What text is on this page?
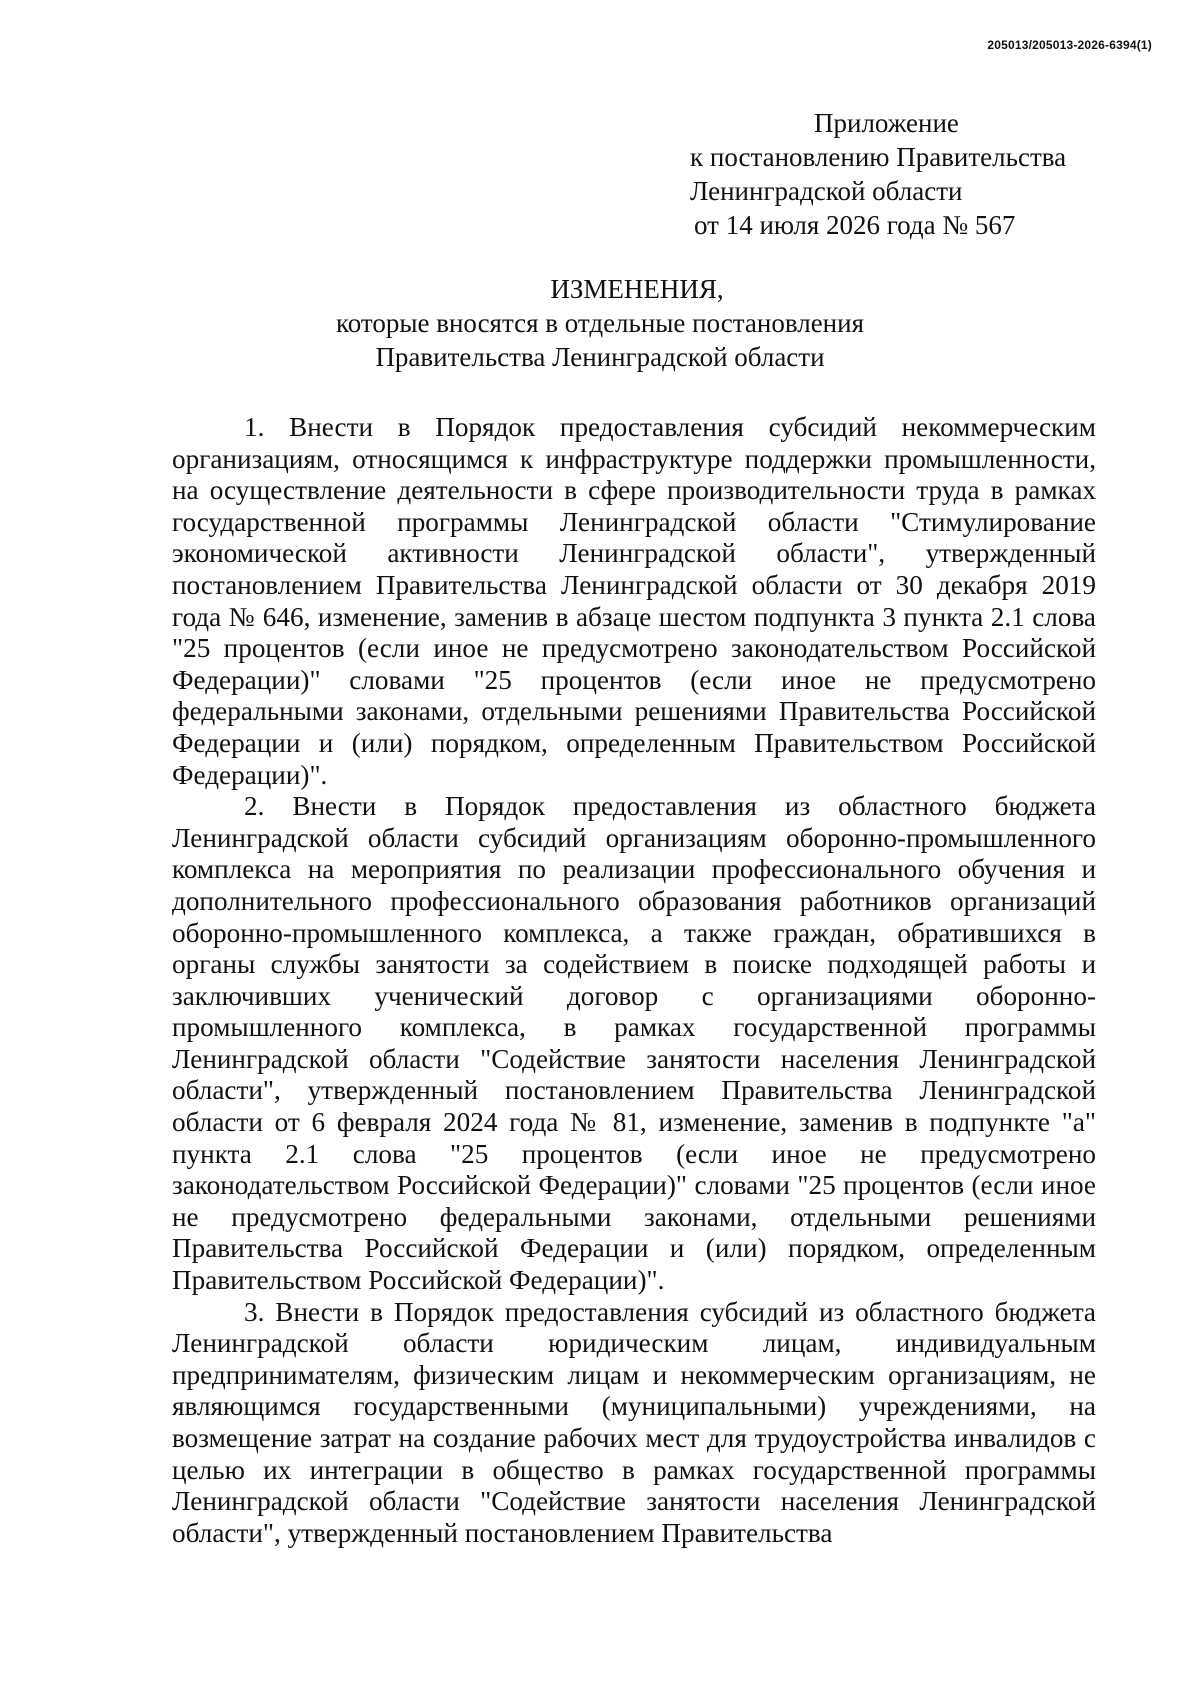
205013/205013-2026-6394(1)
Приложение
к постановлению Правительства
Ленинградской области
от 14 июля 2026 года № 567
ИЗМЕНЕНИЯ,
которые вносятся в отдельные постановления
Правительства Ленинградской области

1. Внести в Порядок предоставления субсидий некоммерческим организациям, относящимся к инфраструктуре поддержки промышленности, на осуществление деятельности в сфере производительности труда в рамках государственной программы Ленинградской области "Стимулирование экономической активности Ленинградской области", утвержденный постановлением Правительства Ленинградской области от 30 декабря 2019 года № 646, изменение, заменив в абзаце шестом подпункта 3 пункта 2.1 слова "25 процентов (если иное не предусмотрено законодательством Российской Федерации)" словами "25 процентов (если иное не предусмотрено федеральными законами, отдельными решениями Правительства Российской Федерации и (или) порядком, определенным Правительством Российской Федерации)".

2. Внести в Порядок предоставления из областного бюджета Ленинградской области субсидий организациям оборонно-промышленного комплекса на мероприятия по реализации профессионального обучения и дополнительного профессионального образования работников организаций оборонно-промышленного комплекса, а также граждан, обратившихся в органы службы занятости за содействием в поиске подходящей работы и заключивших ученический договор с организациями оборонно-промышленного комплекса, в рамках государственной программы Ленинградской области "Содействие занятости населения Ленинградской области", утвержденный постановлением Правительства Ленинградской области от 6 февраля 2024 года № 81, изменение, заменив в подпункте "а" пункта 2.1 слова "25 процентов (если иное не предусмотрено законодательством Российской Федерации)" словами "25 процентов (если иное не предусмотрено федеральными законами, отдельными решениями Правительства Российской Федерации и (или) порядком, определенным Правительством Российской Федерации)".

3. Внести в Порядок предоставления субсидий из областного бюджета Ленинградской области юридическим лицам, индивидуальным предпринимателям, физическим лицам и некоммерческим организациям, не являющимся государственными (муниципальными) учреждениями, на возмещение затрат на создание рабочих мест для трудоустройства инвалидов с целью их интеграции в общество в рамках государственной программы Ленинградской области "Содействие занятости населения Ленинградской области", утвержденный постановлением Правительства
